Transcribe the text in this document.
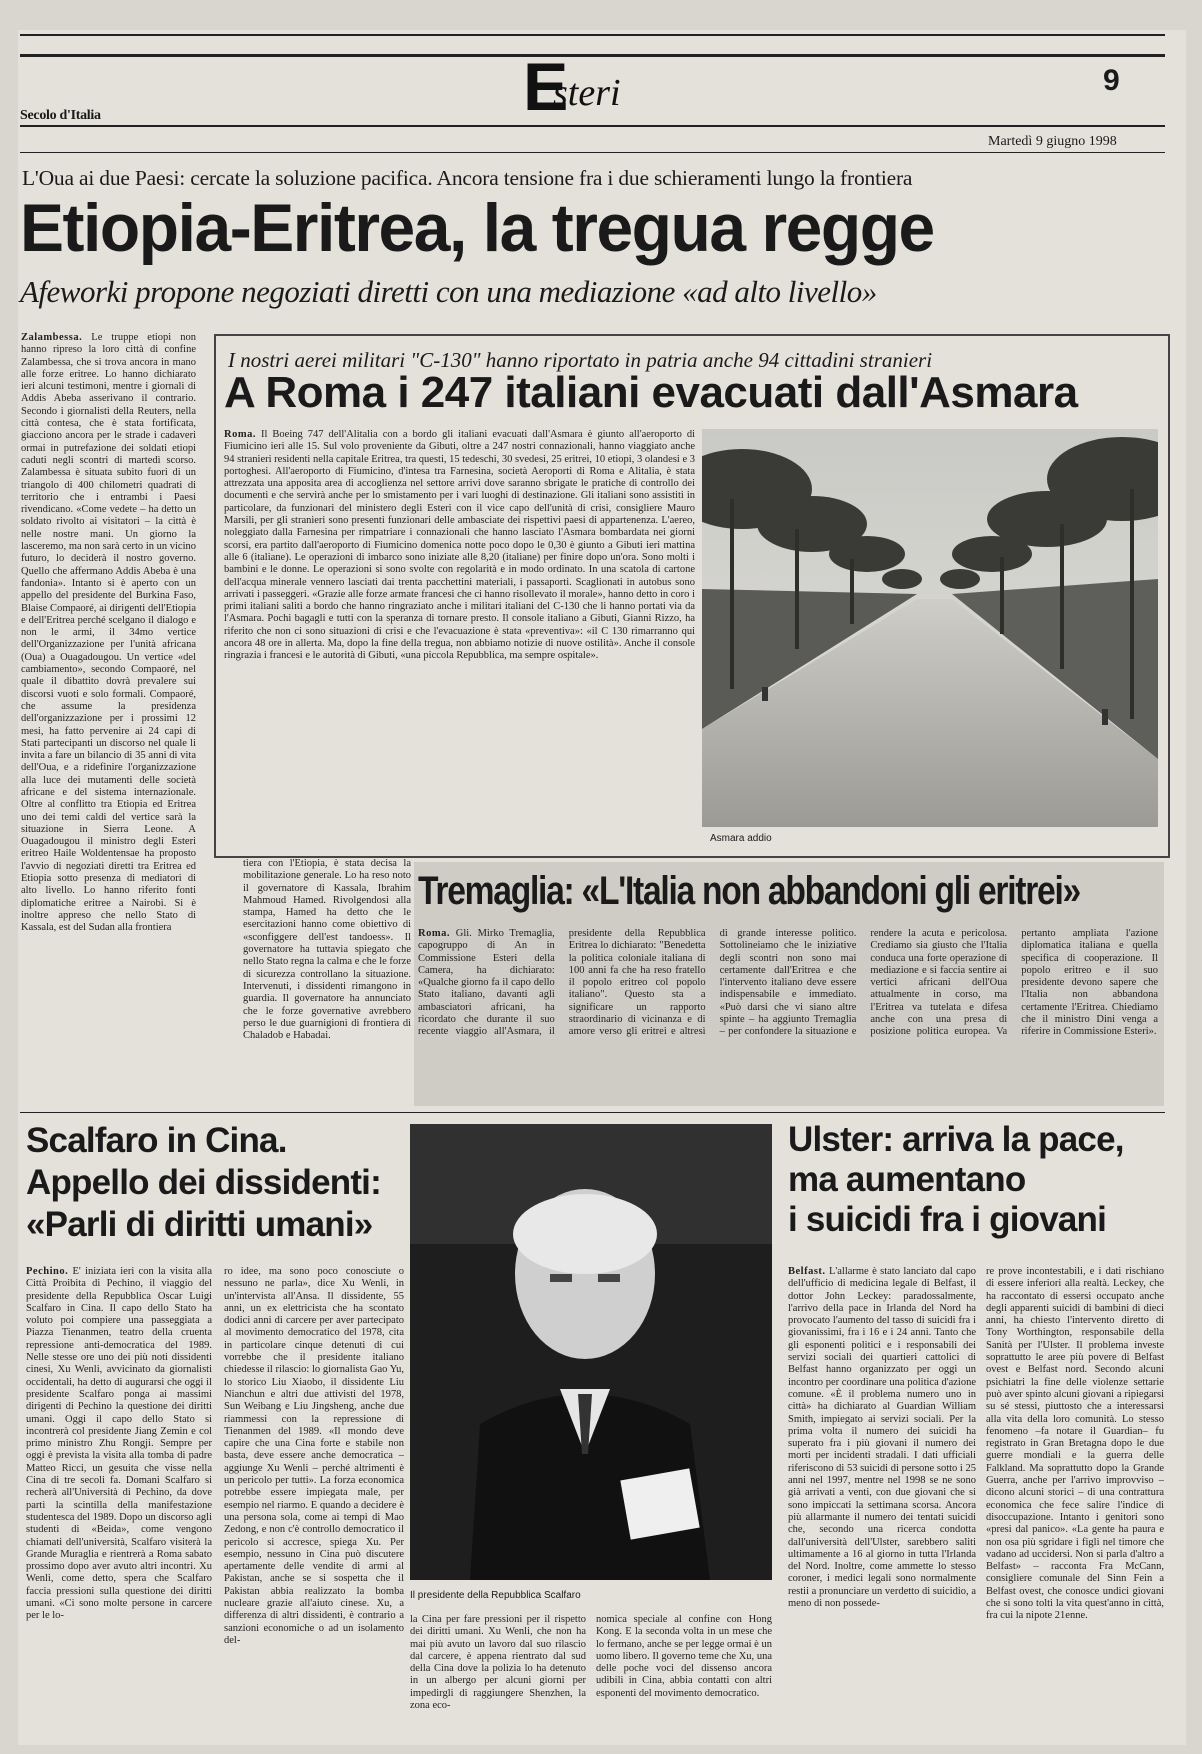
Secolo d'Italia	E
steri	9
Martedì 9 giugno 1998
L'Oua ai due Paesi: cercate la soluzione pacifica. Ancora tensione fra i due schieramenti lungo la frontiera
Etiopia-Eritrea, la tregua regge
Afeworki propone negoziati diretti con una mediazione «ad alto livello»
Zalambessa. Le truppe etiopi non hanno ripreso la loro città di confine Zalambessa, che si trova ancora in mano alle forze eritree. Lo hanno dichiarato ieri alcuni testimoni, mentre i giornali di Addis Abeba asserivano il contrario. Secondo i giornalisti della Reuters, nella città contesa, che è stata fortificata, giacciono ancora per le strade i cadaveri ormai in putrefazione dei soldati etiopi caduti negli scontri di martedì scorso. Zalambessa è situata subito fuori di un triangolo di 400 chilometri quadrati di territorio che i entrambi i Paesi rivendicano. «Come vedete – ha detto un soldato rivolto ai visitatori – la città è nelle nostre mani. Un giorno la lasceremo, ma non sarà certo in un vicino futuro, lo deciderà il nostro governo. Quello che affermano Addis Abeba è una fandonia». Intanto si è aperto con un appello del presidente del Burkina Faso, Blaise Compaoré, ai dirigenti dell'Etiopia e dell'Eritrea perché scelgano il dialogo e non le armi, il 34mo vertice dell'Organizzazione per l'unità africana (Oua) a Ouagadougou. Un vertice «del cambiamento», secondo Compaoré, nel quale il dibattito dovrà prevalere sui discorsi vuoti e solo formali. Compaoré, che assume la presidenza dell'organizzazione per i prossimi 12 mesi, ha fatto pervenire ai 24 capi di Stati partecipanti un discorso nel quale li invita a fare un bilancio di 35 anni di vita dell'Oua, e a ridefinire l'organizzazione alla luce dei mutamenti delle società africane e del sistema internazionale. Oltre al conflitto tra Etiopia ed Eritrea uno dei temi caldi del vertice sarà la situazione in Sierra Leone. A Ouagadougou il ministro degli Esteri eritreo Haile Woldentensae ha proposto l'avvio di negoziati diretti tra Eritrea ed Etiopia sotto presenza di mediatori di alto livello. Lo hanno riferito fonti diplomatiche eritree a Nairobi. Si è inoltre appreso che nello Stato di Kassala, est del Sudan alla frontiera
tiera con l'Etiopia, è stata decisa la mobilitazione generale. Lo ha reso noto il governatore di Kassala, Ibrahim Mahmoud Hamed. Rivolgendosi alla stampa, Hamed ha detto che le esercitazioni hanno come obiettivo di «sconfiggere dell'est tandoess». Il governatore ha tuttavia spiegato che nello Stato regna la calma e che le forze di sicurezza controllano la situazione. Intervenuti, i dissidenti rimangono in guardia. Il governatore ha annunciato che le forze governative avrebbero perso le due guarnigioni di frontiera di Chaladob e Habadai.
I nostri aerei militari "C-130" hanno riportato in patria anche 94 cittadini stranieri
A Roma i 247 italiani evacuati dall'Asmara
Roma. Il Boeing 747 dell'Alitalia con a bordo gli italiani evacuati dall'Asmara è giunto all'aeroporto di Fiumicino ieri alle 15. Sul volo proveniente da Gibuti, oltre a 247 nostri connazionali, hanno viaggiato anche 94 stranieri residenti nella capitale Eritrea, tra questi, 15 tedeschi, 30 svedesi, 25 eritrei, 10 etiopi, 3 olandesi e 3 portoghesi. All'aeroporto di Fiumicino, d'intesa tra Farnesina, società Aeroporti di Roma e Alitalia, è stata attrezzata una apposita area di accoglienza nel settore arrivi dove saranno sbrigate le pratiche di controllo dei documenti e che servirà anche per lo smistamento per i vari luoghi di destinazione. Gli italiani sono assistiti in particolare, da funzionari del ministero degli Esteri con il vice capo dell'unità di crisi, consigliere Mauro Marsili, per gli stranieri sono presenti funzionari delle ambasciate dei rispettivi paesi di appartenenza. L'aereo, noleggiato dalla Farnesina per rimpatriare i connazionali che hanno lasciato l'Asmara bombardata nei giorni scorsi, era partito dall'aeroporto di Fiumicino domenica notte poco dopo le 0,30 è giunto a Gibuti ieri mattina alle 6 (italiane). Le operazioni di imbarco sono iniziate alle 8,20 (italiane) per finire dopo un'ora. Sono molti i bambini e le donne. Le operazioni si sono svolte con regolarità e in modo ordinato. In una scatola di cartone dell'acqua minerale vennero lasciati dai trenta pacchettini materiali, i passaporti. Scaglionati in autobus sono arrivati i passeggeri. «Grazie alle forze armate francesi che ci hanno risollevato il morale», hanno detto in coro i primi italiani saliti a bordo che hanno ringraziato anche i militari italiani del C-130 che li hanno portati via da l'Asmara. Pochi bagagli e tutti con la speranza di tornare presto. Il console italiano a Gibuti, Gianni Rizzo, ha riferito che non ci sono situazioni di crisi e che l'evacuazione è stata «preventiva»: «il C 130 rimarranno qui ancora 48 ore in allerta. Ma, dopo la fine della tregua, non abbiamo notizie di nuove ostilità». Anche il console ringrazia i francesi e le autorità di Gibuti, «una piccola Repubblica, ma sempre ospitale».
Asmara addio
Tremaglia: «L'Italia non abbandoni gli eritrei»
Roma. Gli. Mirko Tremaglia, capogruppo di An in Commissione Esteri della Camera, ha dichiarato: «Qualche giorno fa il capo dello Stato italiano, davanti agli ambasciatori africani, ha ricordato che durante il suo recente viaggio all'Asmara, il presidente della Repubblica Eritrea lo dichiarato: "Benedetta la politica coloniale italiana di 100 anni fa che ha reso fratello il popolo eritreo col popolo italiano". Questo sta a significare un rapporto straordinario di vicinanza e di amore verso gli eritrei e altresì di grande interesse politico. Sottolineiamo che le iniziative degli scontri non sono mai certamente dall'Eritrea e che l'intervento italiano deve essere indispensabile e immediato. «Può darsi che vi siano altre spinte – ha aggiunto Tremaglia – per confondere la situazione e rendere la acuta e pericolosa. Crediamo sia giusto che l'Italia conduca una forte operazione di mediazione e si faccia sentire ai vertici africani dell'Oua attualmente in corso, ma l'Eritrea va tutelata e difesa anche con una presa di posizione politica europea. Va pertanto ampliata l'azione diplomatica italiana e quella specifica di cooperazione. Il popolo eritreo e il suo presidente devono sapere che l'Italia non abbandona certamente l'Eritrea. Chiediamo che il ministro Dini venga a riferire in Commissione Esteri».
Scalfaro in Cina.
Appello dei dissidenti:
«Parli di diritti umani»
Pechino. E' iniziata ieri con la visita alla Città Proibita di Pechino, il viaggio del presidente della Repubblica Oscar Luigi Scalfaro in Cina. Il capo dello Stato ha voluto poi compiere una passeggiata a Piazza Tienanmen, teatro della cruenta repressione anti-democratica del 1989. Nelle stesse ore uno dei più noti dissidenti cinesi, Xu Wenli, avvicinato da giornalisti occidentali, ha detto di augurarsi che oggi il presidente Scalfaro ponga ai massimi dirigenti di Pechino la questione dei diritti umani. Oggi il capo dello Stato si incontrerà col presidente Jiang Zemin e col primo ministro Zhu Rongji. Sempre per oggi è prevista la visita alla tomba di padre Matteo Ricci, un gesuita che visse nella Cina di tre secoli fa. Domani Scalfaro si recherà all'Università di Pechino, da dove partì la scintilla della manifestazione studentesca del 1989. Dopo un discorso agli studenti di «Beida», come vengono chiamati dell'università, Scalfaro visiterà la Grande Muraglia e rientrerà a Roma sabato prossimo dopo aver avuto altri incontri. Xu Wenli, come detto, spera che Scalfaro faccia pressioni sulla questione dei diritti umani. «Ci sono molte persone in carcere per le lo-
ro idee, ma sono poco conosciute o nessuno ne parla», dice Xu Wenli, in un'intervista all'Ansa. Il dissidente, 55 anni, un ex elettricista che ha scontato dodici anni di carcere per aver partecipato al movimento democratico del 1978, cita in particolare cinque detenuti di cui vorrebbe che il presidente italiano chiedesse il rilascio: lo giornalista Gao Yu, lo storico Liu Xiaobo, il dissidente Liu Nianchun e altri due attivisti del 1978, Sun Weibang e Liu Jingsheng, anche due riammessi con la repressione di Tienanmen del 1989. «Il mondo deve capire che una Cina forte e stabile non basta, deve essere anche democratica – aggiunge Xu Wenli – perché altrimenti è un pericolo per tutti». La forza economica potrebbe essere impiegata male, per esempio nel riarmo. E quando a decidere è una persona sola, come ai tempi di Mao Zedong, e non c'è controllo democratico il pericolo si accresce, spiega Xu. Per esempio, nessuno in Cina può discutere apertamente delle vendite di armi al Pakistan, anche se si sospetta che il Pakistan abbia realizzato la bomba nucleare grazie all'aiuto cinese. Xu, a differenza di altri dissidenti, è contrario a sanzioni economiche o ad un isolamento del-
Il presidente della Repubblica Scalfaro
la Cina per fare pressioni per il rispetto dei diritti umani. Xu Wenli, che non ha mai più avuto un lavoro dal suo rilascio dal carcere, è appena rientrato dal sud della Cina dove la polizia lo ha detenuto in un albergo per alcuni giorni per impedirgli di raggiungere Shenzhen, la zona eco-
nomica speciale al confine con Hong Kong. E la seconda volta in un mese che lo fermano, anche se per legge ormai è un uomo libero. Il governo teme che Xu, una delle poche voci del dissenso ancora udibili in Cina, abbia contatti con altri esponenti del movimento democratico.
Ulster: arriva la pace,
ma aumentano
i suicidi fra i giovani
Belfast. L'allarme è stato lanciato dal capo dell'ufficio di medicina legale di Belfast, il dottor John Leckey: paradossalmente, l'arrivo della pace in Irlanda del Nord ha provocato l'aumento del tasso di suicidi fra i giovanissimi, fra i 16 e i 24 anni. Tanto che gli esponenti politici e i responsabili dei servizi sociali dei quartieri cattolici di Belfast hanno organizzato per oggi un incontro per coordinare una politica d'azione comune. «È il problema numero uno in città» ha dichiarato al Guardian William Smith, impiegato ai servizi sociali. Per la prima volta il numero dei suicidi ha superato fra i più giovani il numero dei morti per incidenti stradali. I dati ufficiali riferiscono di 53 suicidi di persone sotto i 25 anni nel 1997, mentre nel 1998 se ne sono già arrivati a venti, con due giovani che si sono impiccati la settimana scorsa. Ancora più allarmante il numero dei tentati suicidi che, secondo una ricerca condotta dall'università dell'Ulster, sarebbero saliti ultimamente a 16 al giorno in tutta l'Irlanda del Nord. Inoltre, come ammette lo stesso coroner, i medici legali sono normalmente restii a pronunciare un verdetto di suicidio, a meno di non possede-
re prove incontestabili, e i dati rischiano di essere inferiori alla realtà. Leckey, che ha raccontato di essersi occupato anche degli apparenti suicidi di bambini di dieci anni, ha chiesto l'intervento diretto di Tony Worthington, responsabile della Sanità per l'Ulster. Il problema investe soprattutto le aree più povere di Belfast ovest e Belfast nord. Secondo alcuni psichiatri la fine delle violenze settarie può aver spinto alcuni giovani a ripiegarsi su sé stessi, piuttosto che a interessarsi alla vita della loro comunità. Lo stesso fenomeno –fa notare il Guardian– fu registrato in Gran Bretagna dopo le due guerre mondiali e la guerra delle Falkland. Ma soprattutto dopo la Grande Guerra, anche per l'arrivo improvviso – dicono alcuni storici – di una contrattura economica che fece salire l'indice di disoccupazione. Intanto i genitori sono «presi dal panico». «La gente ha paura e non osa più sgridare i figli nel timore che vadano ad uccidersi. Non si parla d'altro a Belfast» – racconta Fra McCann, consigliere comunale del Sinn Fein a Belfast ovest, che conosce undici giovani che si sono tolti la vita quest'anno in città, fra cui la nipote 21enne.
